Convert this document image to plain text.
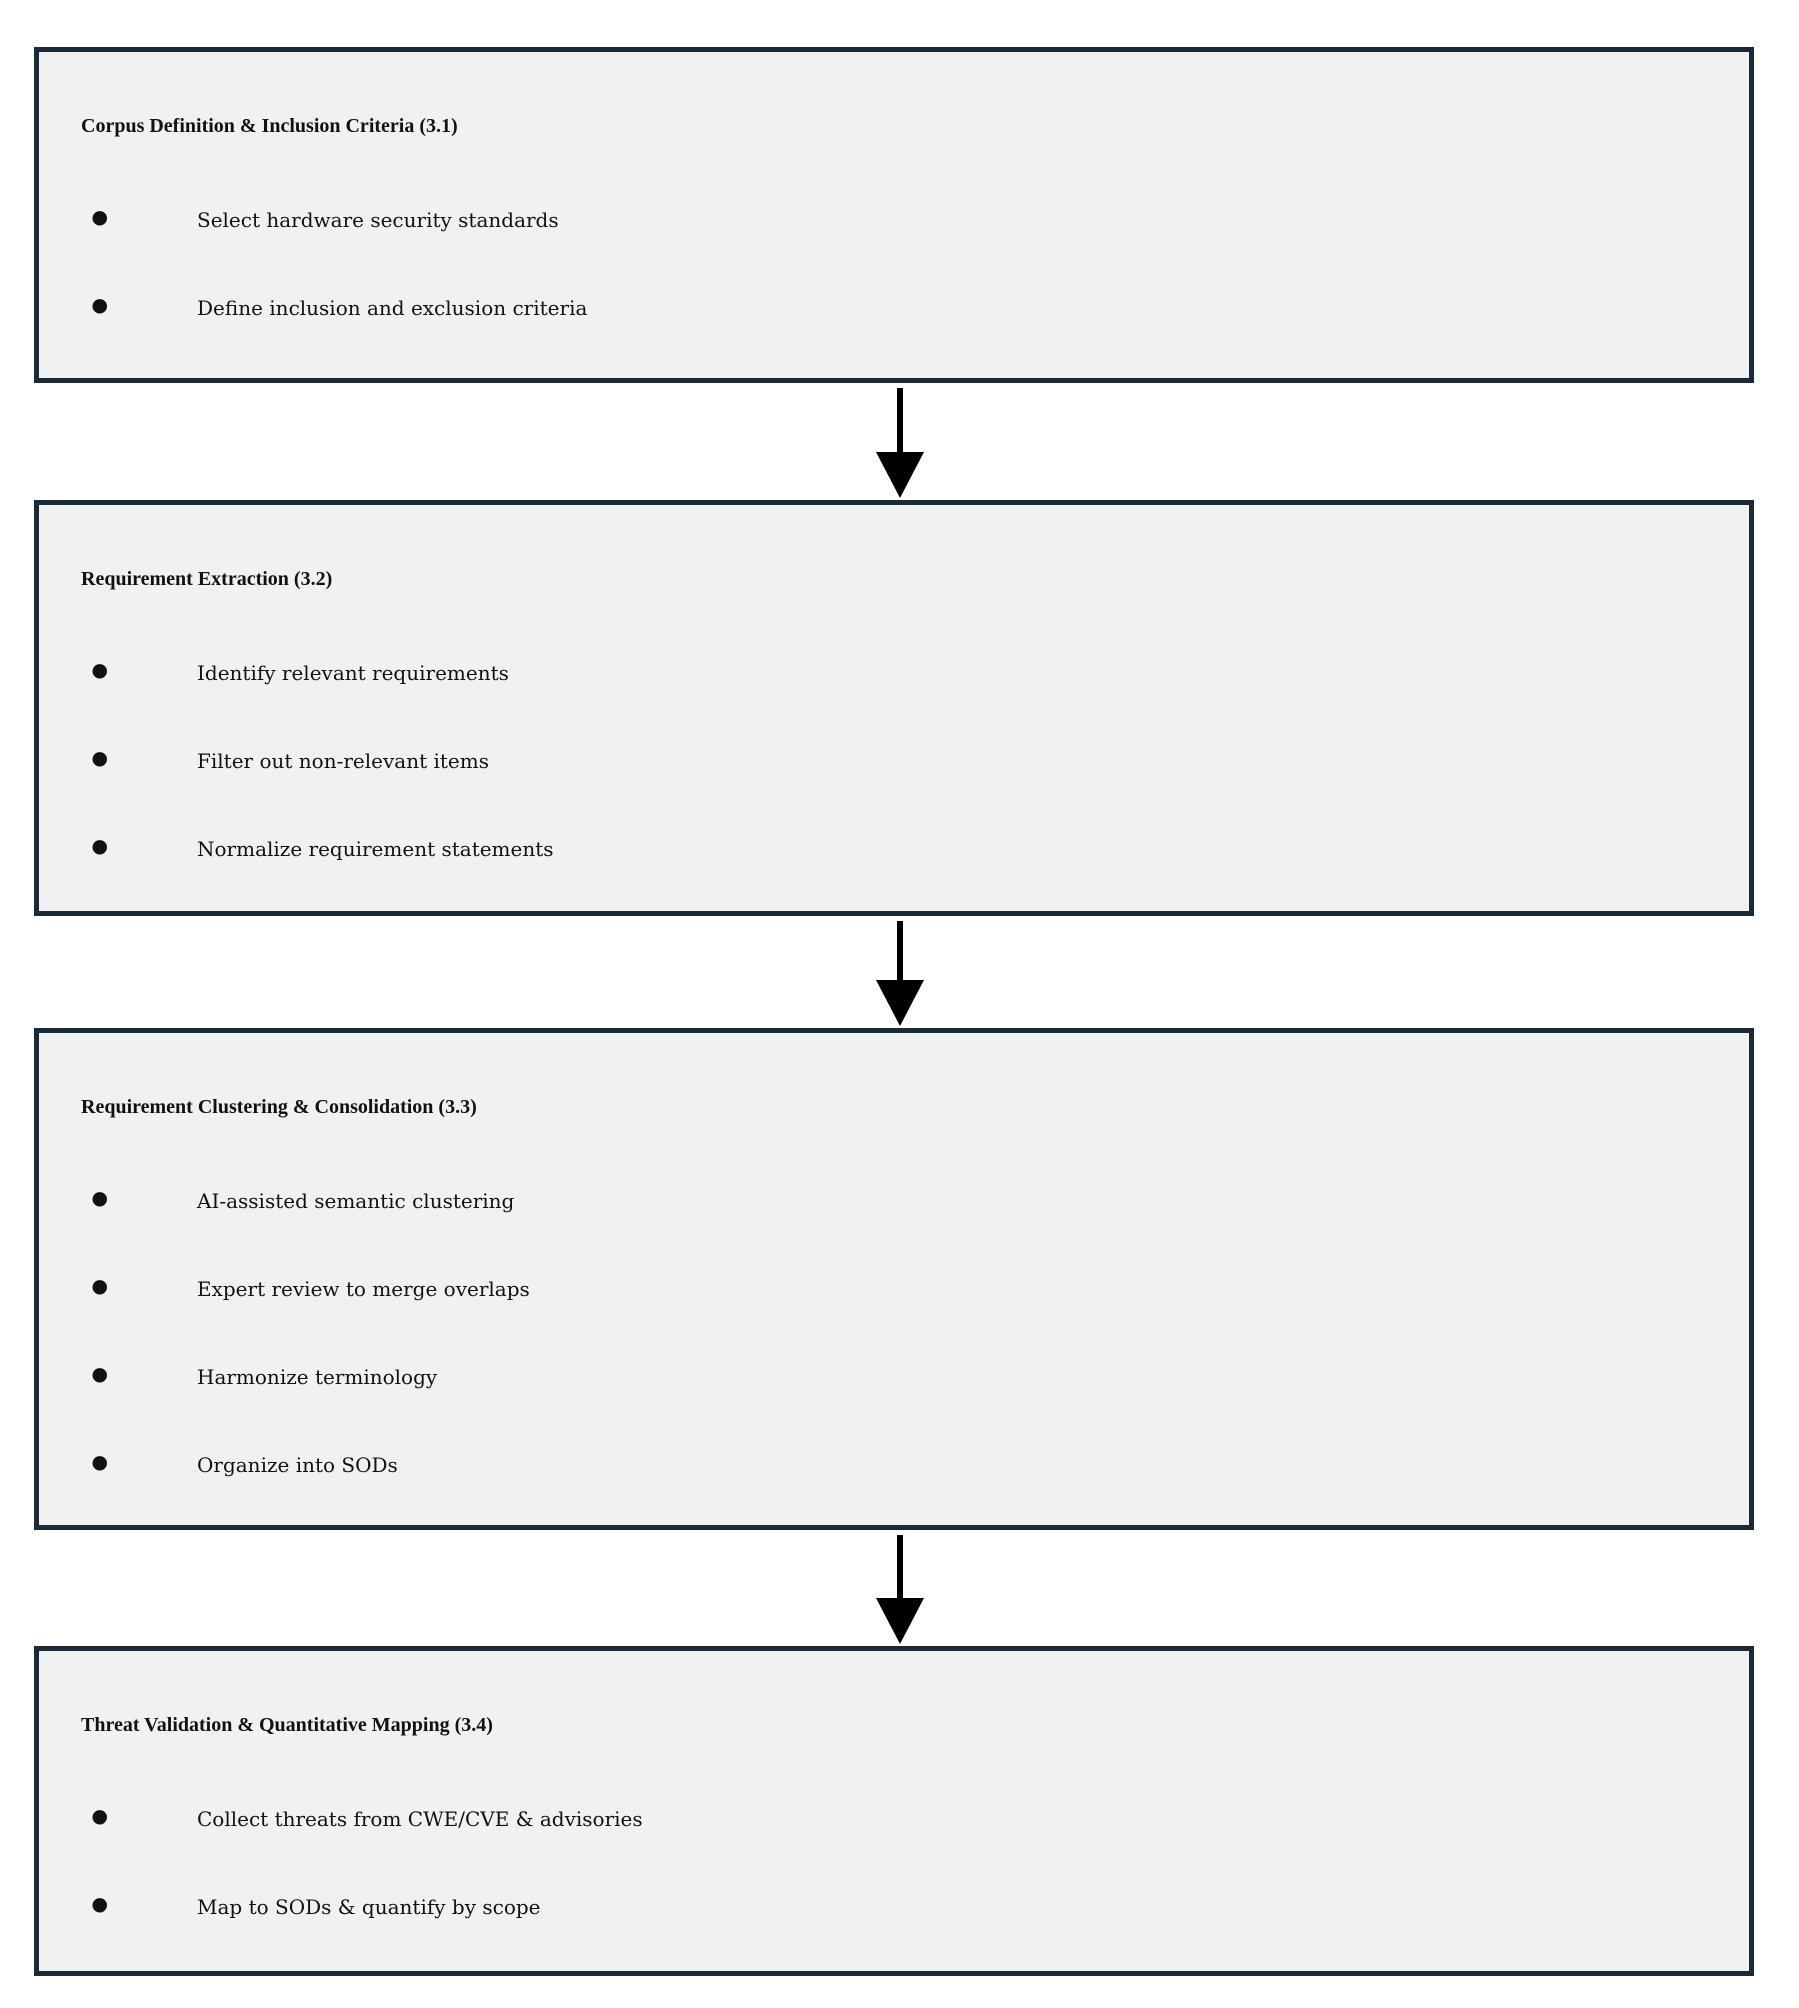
Corpus Definition & Inclusion Criteria (3.1)
•	Select hardware security standards
•	Define inclusion and exclusion criteria
Requirement Extraction (3.2)
•	Identify relevant requirements
•	Filter out non-relevant items
•	Normalize requirement statements
Requirement Clustering & Consolidation (3.3)
•	AI-assisted semantic clustering
•	Expert review to merge overlaps
•	Harmonize terminology
•	Organize into SODs
Threat Validation & Quantitative Mapping (3.4)
•	Collect threats from CWE/CVE & advisories
•	Map to SODs & quantify by scope
